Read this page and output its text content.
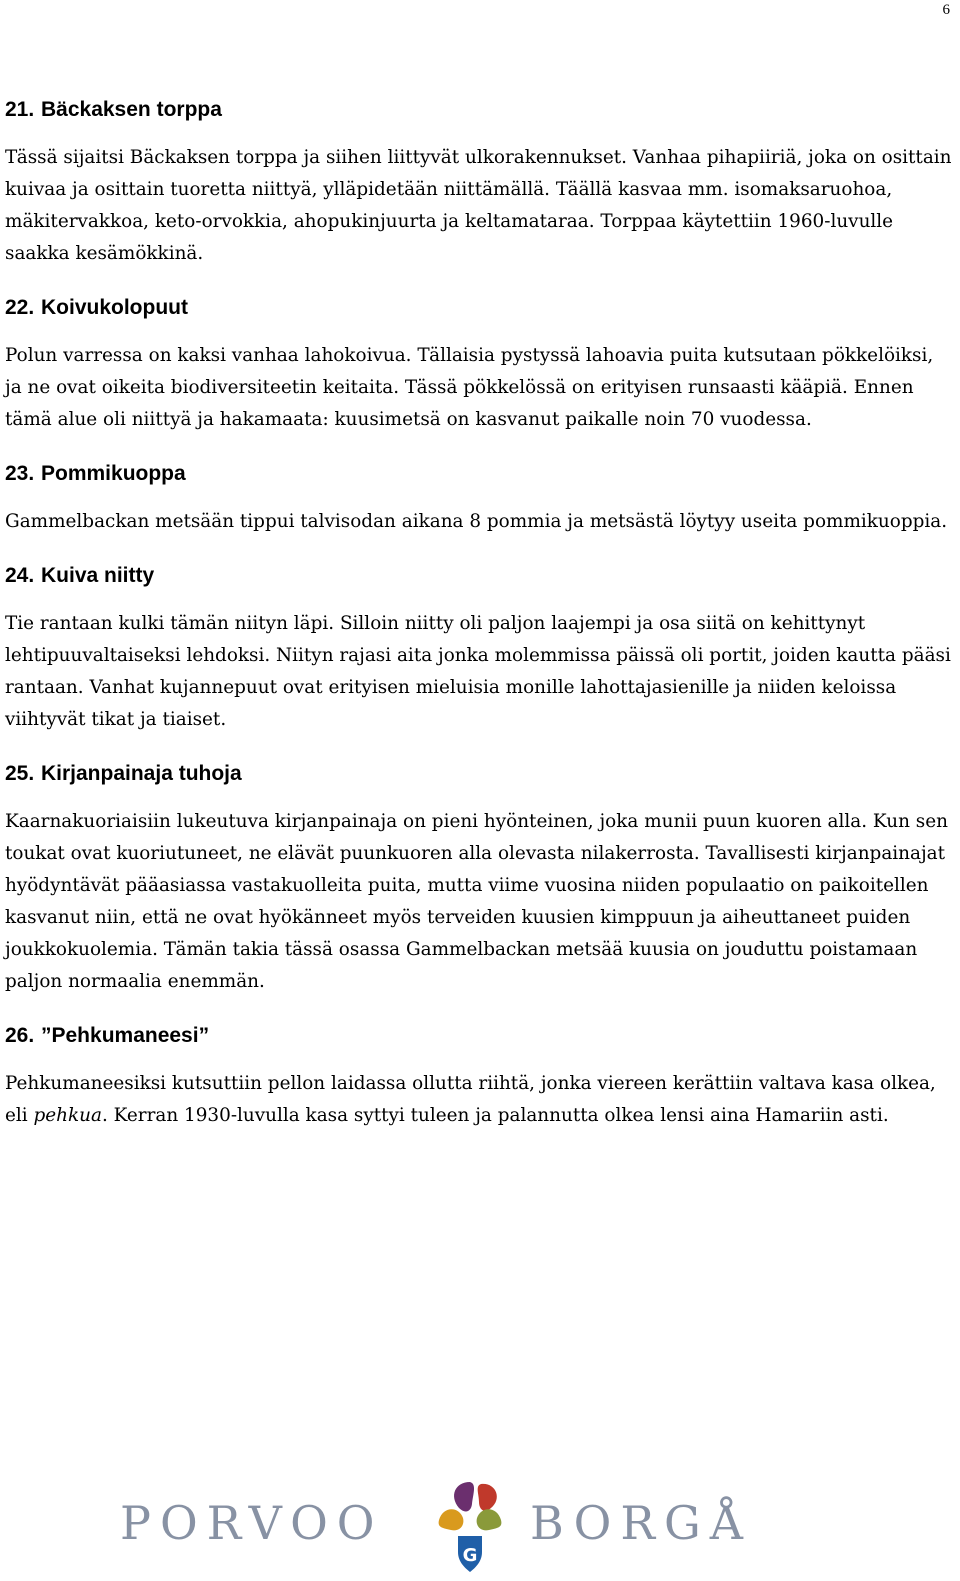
6
21. Bäckaksen torppa

Tässä sijaitsi Bäckaksen torppa ja siihen liittyvät ulkorakennukset. Vanhaa pihapiiriä, joka on osittain kuivaa ja osittain tuoretta niittyä, ylläpidetään niittämällä. Täällä kasvaa mm. isomaksaruohoa, mäkitervakkoa, keto-orvokkia, ahopukinjuurta ja keltamataraa. Torppaa käytettiin 1960-luvulle saakka kesämökkinä.

22. Koivukolopuut

Polun varressa on kaksi vanhaa lahokoivua. Tällaisia pystyssä lahoavia puita kutsutaan pökkelöiksi, ja ne ovat oikeita biodiversiteetin keitaita. Tässä pökkelössä on erityisen runsaasti kääpiä. Ennen tämä alue oli niittyä ja hakamaata: kuusimetsä on kasvanut paikalle noin 70 vuodessa.

23. Pommikuoppa

Gammelbackan metsään tippui talvisodan aikana 8 pommia ja metsästä löytyy useita pommikuoppia.

24. Kuiva niitty

Tie rantaan kulki tämän niityn läpi. Silloin niitty oli paljon laajempi ja osa siitä on kehittynyt lehtipuuvaltaiseksi lehdoksi. Niityn rajasi aita jonka molemmissa päissä oli portit, joiden kautta pääsi rantaan. Vanhat kujannepuut ovat erityisen mieluisia monille lahottajasienille ja niiden keloissa viihtyvät tikat ja tiaiset.

25. Kirjanpainaja tuhoja

Kaarnakuoriaisiin lukeutuva kirjanpainaja on pieni hyönteinen, joka munii puun kuoren alla. Kun sen toukat ovat kuoriutuneet, ne elävät puunkuoren alla olevasta nilakerrosta. Tavallisesti kirjanpainajat hyödyntävät pääasiassa vastakuolleita puita, mutta viime vuosina niiden populaatio on paikoitellen kasvanut niin, että ne ovat hyökänneet myös terveiden kuusien kimppuun ja aiheuttaneet puiden joukkokuolemia. Tämän takia tässä osassa Gammelbackan metsää kuusia on jouduttu poistamaan paljon normaalia enemmän.

26. ”Pehkumaneesi”

Pehkumaneesiksi kutsuttiin pellon laidassa ollutta riihtä, jonka viereen kerättiin valtava kasa olkea, eli pehkua. Kerran 1930-luvulla kasa syttyi tuleen ja palannutta olkea lensi aina Hamariin asti.

PORVOO
G
BORGÅ
